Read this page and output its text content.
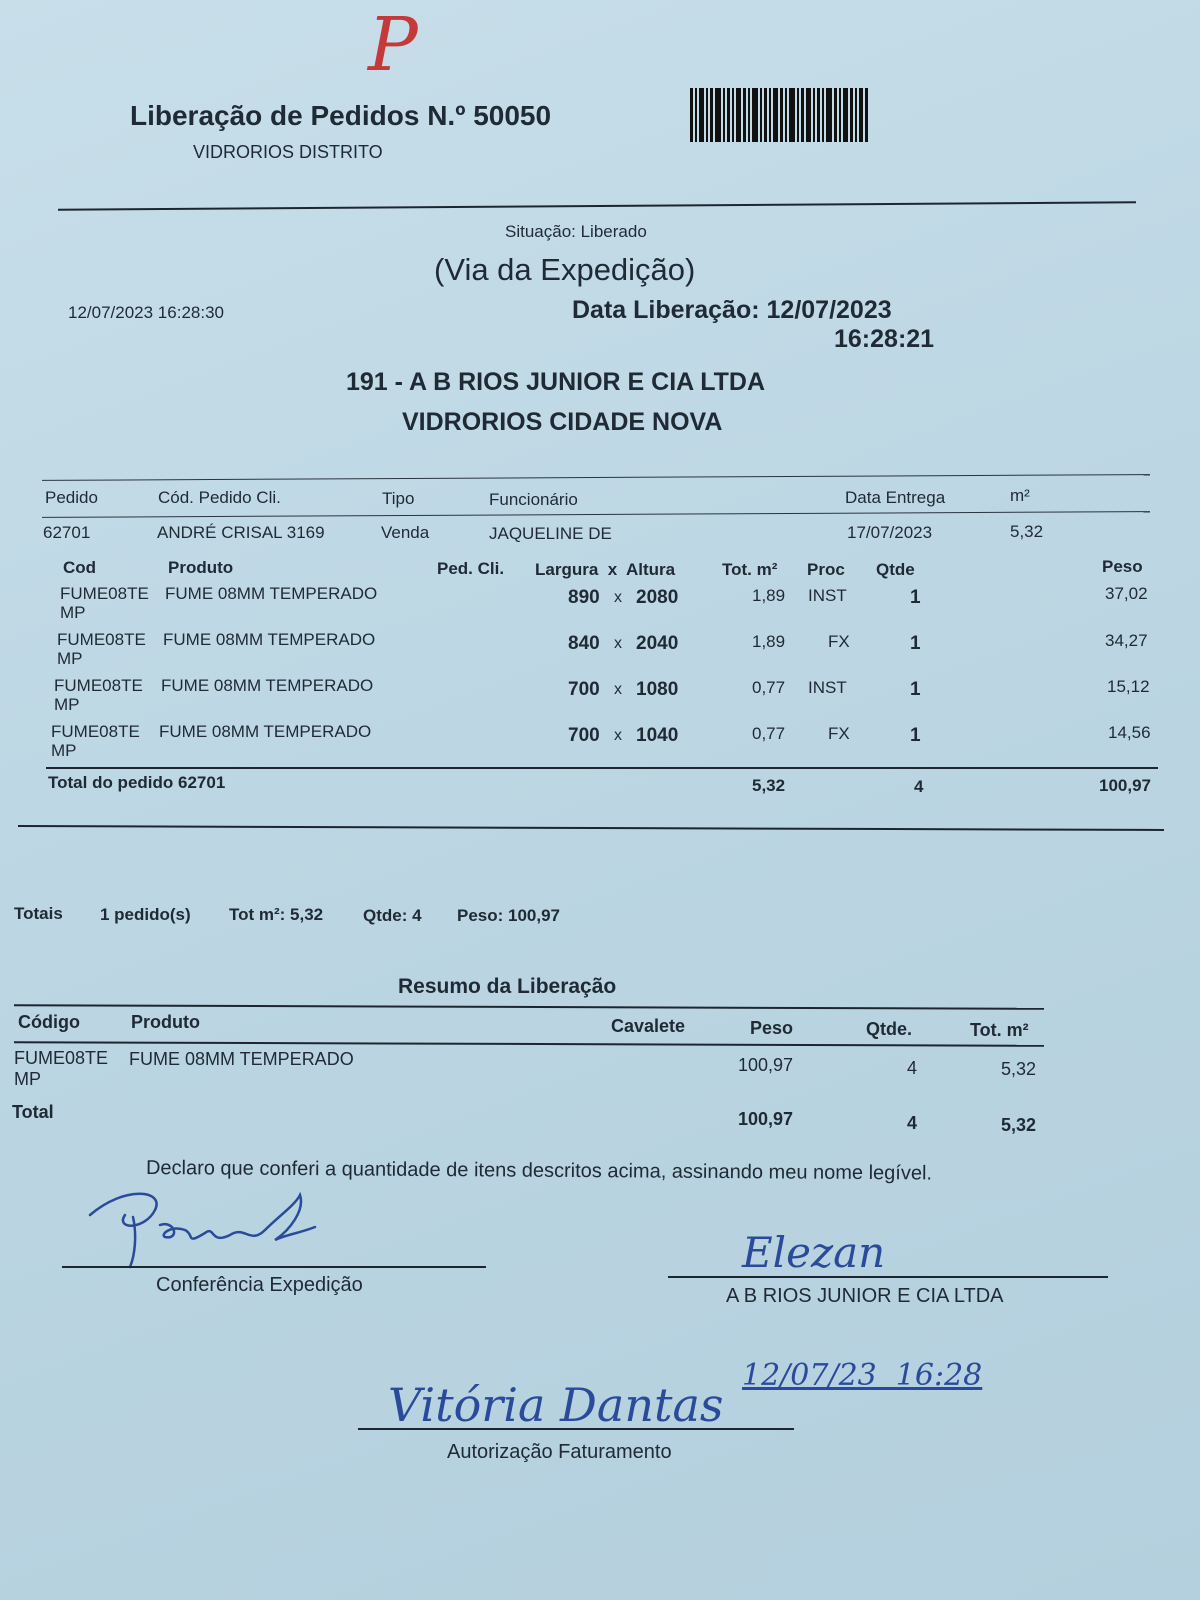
P
Liberação de Pedidos N.º 50050
VIDRORIOS DISTRITO
Situação: Liberado
(Via da Expedição)
12/07/2023 16:28:30	Data Liberação: 12/07/2023
16:28:21
191 - A B RIOS JUNIOR E CIA LTDA
VIDRORIOS CIDADE NOVA
Pedido	Cód. Pedido Cli.	Tipo	Funcionário	Data Entrega	m²
62701	ANDRÉ CRISAL 3169	Venda	JAQUELINE DE	17/07/2023	5,32
Cod	Produto	Ped. Cli. Largura  x  Altura	Tot. m² Proc Qtde	Peso
FUME08TE
MP
FUME 08MM TEMPERADO	890 x 2080	1,89 INST	1	37,02
FUME08TE
MP
FUME 08MM TEMPERADO	840 x 2040	1,89	FX	1	34,27
FUME08TE
MP
FUME 08MM TEMPERADO	700 x 1080	0,77 INST	1	15,12
FUME08TE
MP
FUME 08MM TEMPERADO	700 x 1040	0,77	FX	1	14,56
Total do pedido 62701	5,32	4	100,97
Totais 1 pedido(s) Tot m²: 5,32 Qtde: 4 Peso: 100,97
Resumo da Liberação
Código	Produto	Cavalete	Peso	Qtde.	Tot. m²
FUME08TE
MP
FUME 08MM TEMPERADO	100,97	4	5,32
Total	100,97	4	5,32
Declaro que conferi a quantidade de itens descritos acima, assinando meu nome legível.
Conferência Expedição
Elezan
A B RIOS JUNIOR E CIA LTDA
12/07/23  16:28
Vitória Dantas
Autorização Faturamento
